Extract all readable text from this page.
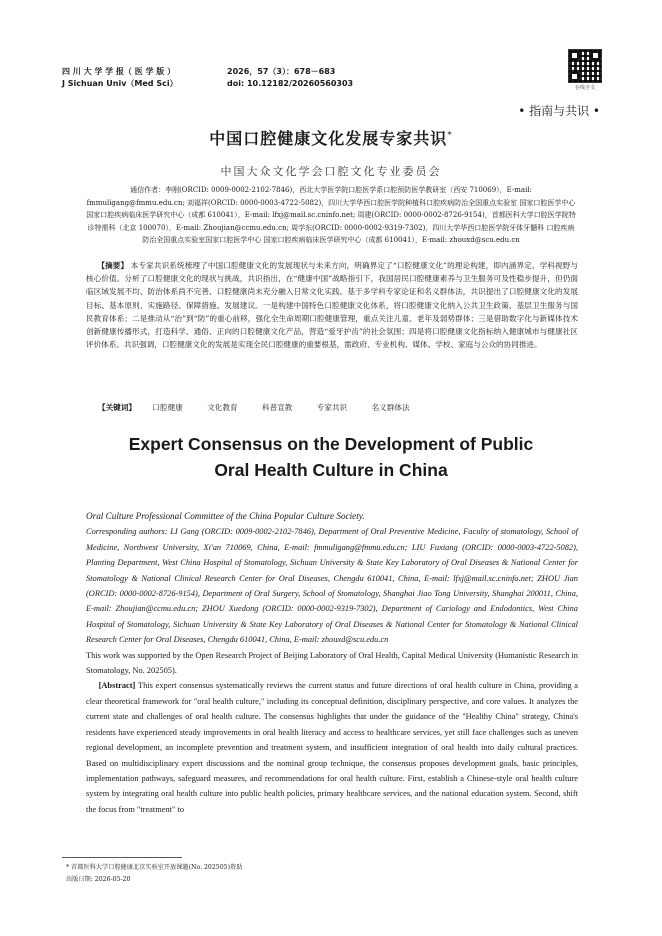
四 川 大 学 学 报（ 医 学 版 ）
J Sichuan Univ（Med Sci）
2026，57（3）：678－683
doi: 10.12182/20260560303	在线全文
• 指南与共识 •
中国口腔健康文化发展专家共识*
中国大众文化学会口腔文化专业委员会
通信作者：李刚(ORCID: 0009-0002-2102-7846)，西北大学医学院口腔医学系口腔预防医学教研室（西安 710069），E-mail: fmmuligang@fmmu.edu.cn; 刘福祥(ORCID: 0000-0003-4722-5082)，四川大学华西口腔医学院种植科口腔疾病防治全国重点实验室 国家口腔医学中心 国家口腔疾病临床医学研究中心（成都 610041），E-mail: lfxj@mail.sc.cninfo.net; 周建(ORCID: 0000-0002-8726-9154)，首都医科大学口腔医学院特诊特需科（北京 100070），E-mail: Zhoujian@ccmu.edu.cn; 周学东(ORCID: 0000-0002-9319-7302)，四川大学华西口腔医学院牙体牙髓科 口腔疾病防治全国重点实验室国家口腔医学中心 国家口腔疾病临床医学研究中心（成都 610041），E-mail: zhouxd@scu.edu.cn
【摘要】 本专家共识系统梳理了中国口腔健康文化的发展现状与未来方向，明确界定了“口腔健康文化”的理论构建，即内涵界定、学科视野与核心价值。分析了口腔健康文化的现状与挑战，共识指出，在“健康中国”战略指引下，我国居民口腔健康素养与卫生服务可及性稳步提升，但仍面临区域发展不均、防治体系尚不完善、口腔健康尚未充分融入日常文化实践。基于多学科专家论证和名义群体法，共识提出了口腔健康文化的发展目标、基本原则、实施路径、保障措施、发展建议。一是构建中国特色口腔健康文化体系，将口腔健康文化纳入公共卫生政策、基层卫生服务与国民教育体系；二是推动从“治”到“防”的重心前移，强化全生命周期口腔健康管理，重点关注儿童、老年及弱势群体；三是借助数字化与新媒体技术创新健康传播形式，打造科学、通俗、正向的口腔健康文化产品，营造“爱牙护齿”的社会氛围；四是将口腔健康文化指标纳入健康城市与健康社区评价体系。共识强调，口腔健康文化的发展是实现全民口腔健康的重要根基，需政府、专业机构、媒体、学校、家庭与公众的协同推进。
【关键词】 口腔健康	文化教育	科普宣教	专家共识	名义群体法
Expert Consensus on the Development of Public
Oral Health Culture in China
Oral Culture Professional Committee of the China Popular Culture Society.
Corresponding authors: LI Gang (ORCID: 0009-0002-2102-7846), Department of Oral Preventive Medicine, Faculty of stomatology, School of Medicine, Northwest University, Xi'an 710069, China, E-mail: fmmuligang@fmmu.edu.cn; LIU Fuxiang (ORCID: 0000-0003-4722-5082), Planting Department, West China Hospital of Stomatology, Sichuan University & State Key Laboratory of Oral Diseases & National Center for Stomatology & National Clinical Research Center for Oral Diseases, Chengdu 610041, China, E-mail: lfxj@mail.sc.cninfo.net; ZHOU Jian (ORCID: 0000-0002-8726-9154), Department of Oral Surgery, School of Stomatology, Shanghai Jiao Tong University, Shanghai 200011, China, E-mail: Zhoujian@ccmu.edu.cn; ZHOU Xuedong (ORCID: 0000-0002-9319-7302), Department of Cariology and Endodontics, West China Hospital of Stomatology, Sichuan University & State Key Laboratory of Oral Diseases & National Center for Stomatology & National Clinical Research Center for Oral Diseases, Chengdu 610041, China, E-mail: zhouxd@scu.edu.cn
This work was supported by the Open Research Project of Beijing Laboratory of Oral Health, Capital Medical University (Humanistic Research in Stomatology, No. 202505).
[Abstract] This expert consensus systematically reviews the current status and future directions of oral health culture in China, providing a clear theoretical framework for "oral health culture," including its conceptual definition, disciplinary perspective, and core values. It analyzes the current state and challenges of oral health culture. The consensus highlights that under the guidance of the "Healthy China" strategy, China's residents have experienced steady improvements in oral health literacy and access to healthcare services, yet still face challenges such as uneven regional development, an incomplete prevention and treatment system, and insufficient integration of oral health into daily cultural practices. Based on multidisciplinary expert discussions and the nominal group technique, the consensus proposes development goals, basic principles, implementation pathways, safeguard measures, and recommendations for oral health culture. First, establish a Chinese-style oral health culture system by integrating oral health culture into public health policies, primary healthcare services, and the national education system. Second, shift the focus from "treatment" to
* 首都医科大学口腔健康北京实验室开放课题(No. 202505)资助
出版日期: 2026-05-20
